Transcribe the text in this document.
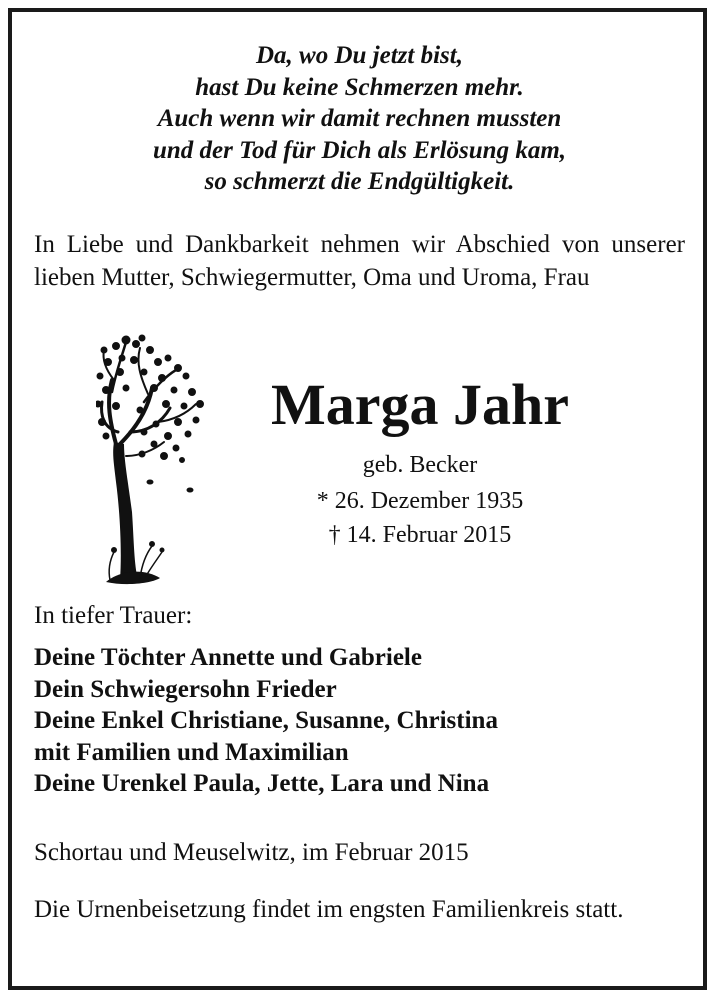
Da, wo Du jetzt bist,
hast Du keine Schmerzen mehr.
Auch wenn wir damit rechnen mussten
und der Tod für Dich als Erlösung kam,
so schmerzt die Endgültigkeit.
In Liebe und Dankbarkeit nehmen wir Abschied von unserer lieben Mutter, Schwiegermutter, Oma und Uroma, Frau
Marga Jahr
geb. Becker
* 26. Dezember 1935
† 14. Februar 2015
In tiefer Trauer:
Deine Töchter Annette und Gabriele
Dein Schwiegersohn Frieder
Deine Enkel Christiane, Susanne, Christina
mit Familien und Maximilian
Deine Urenkel Paula, Jette, Lara und Nina
Schortau und Meuselwitz, im Februar 2015
Die Urnenbeisetzung findet im engsten Familienkreis statt.
